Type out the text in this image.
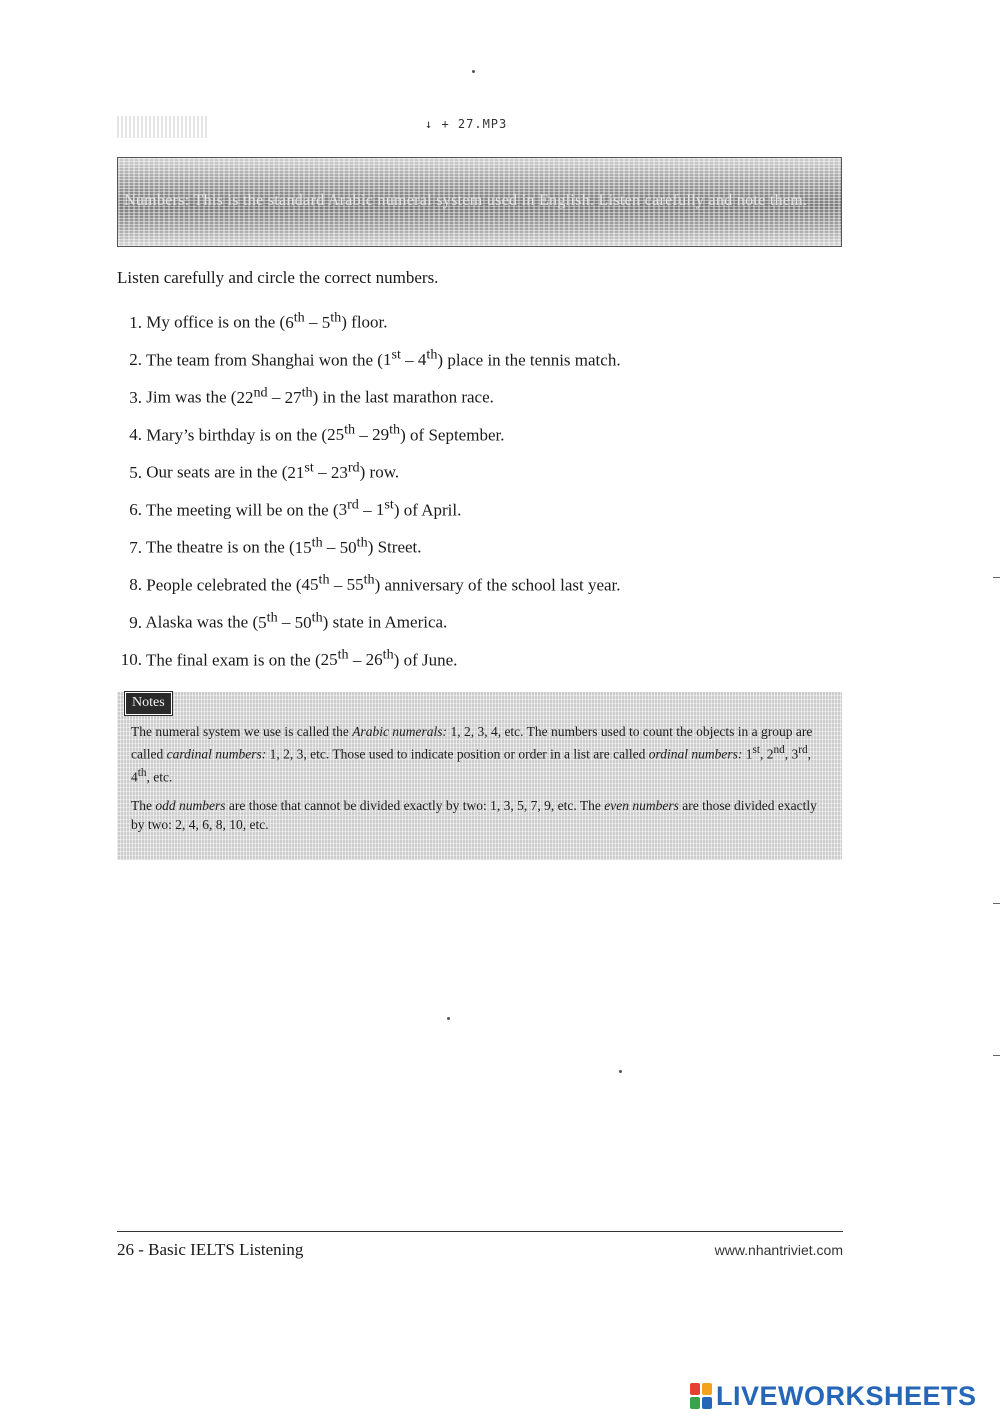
↓ + 27.MP3
Numbers: This is the standard Arabic numeral system used in English. Listen carefully and note them.
Listen carefully and circle the correct numbers.
1. My office is on the (6th – 5th) floor.
2. The team from Shanghai won the (1st – 4th) place in the tennis match.
3. Jim was the (22nd – 27th) in the last marathon race.
4. Mary’s birthday is on the (25th – 29th) of September.
5. Our seats are in the (21st – 23rd) row.
6. The meeting will be on the (3rd – 1st) of April.
7. The theatre is on the (15th – 50th) Street.
8. People celebrated the (45th – 55th) anniversary of the school last year.
9. Alaska was the (5th – 50th) state in America.
10. The final exam is on the (25th – 26th) of June.
Notes

The numeral system we use is called the Arabic numerals: 1, 2, 3, 4, etc. The numbers used to count the objects in a group are called cardinal numbers: 1, 2, 3, etc. Those used to indicate position or order in a list are called ordinal numbers: 1st, 2nd, 3rd, 4th, etc.

The odd numbers are those that cannot be divided exactly by two: 1, 3, 5, 7, 9, etc. The even numbers are those divided exactly by two: 2, 4, 6, 8, 10, etc.

26 - Basic IELTS Listening	www.nhantriviet.com
LIVEWORKSHEETS
